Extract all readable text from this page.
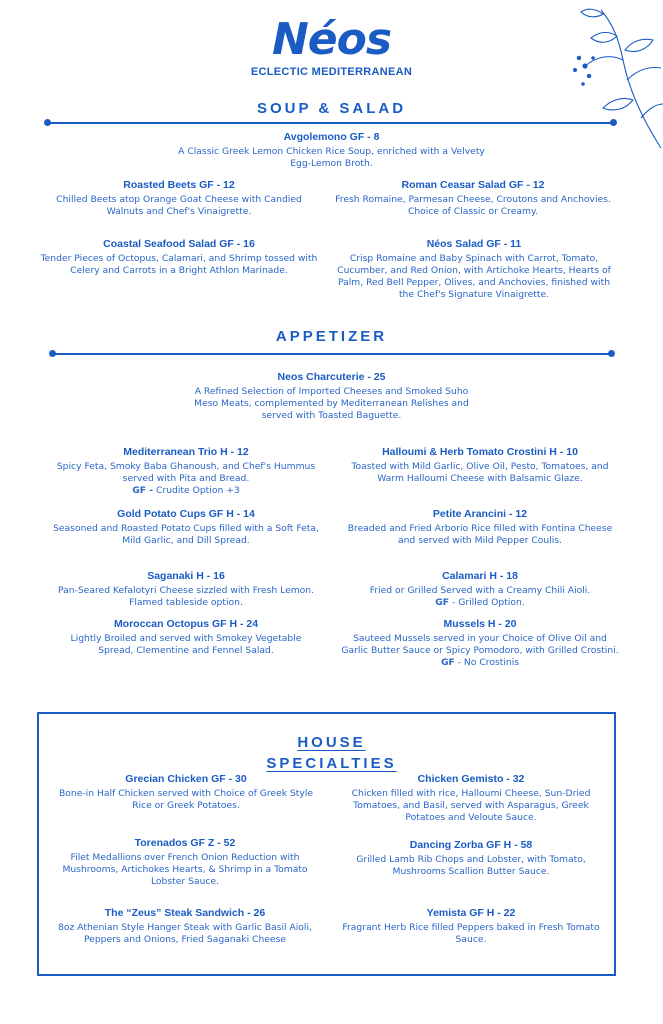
Néos
ECLECTIC MEDITERRANEAN
SOUP & SALAD
Avgolemono GF - 8
A Classic Greek Lemon Chicken Rice Soup, enriched with a Velvety Egg-Lemon Broth.
Roasted Beets GF - 12
Chilled Beets atop Orange Goat Cheese with Candied Walnuts and Chef's Vinaigrette.
Roman Ceasar Salad GF - 12
Fresh Romaine, Parmesan Cheese, Croutons and Anchovies. Choice of Classic or Creamy.
Coastal Seafood Salad GF - 16
Tender Pieces of Octopus, Calamari, and Shrimp tossed with Celery and Carrots in a Bright Athlon Marinade.
Néos Salad GF - 11
Crisp Romaine and Baby Spinach with Carrot, Tomato, Cucumber, and Red Onion, with Artichoke Hearts, Hearts of Palm, Red Bell Pepper, Olives, and Anchovies, finished with the Chef's Signature Vinaigrette.
APPETIZER
Neos Charcuterie - 25
A Refined Selection of Imported Cheeses and Smoked Suho Meso Meats, complemented by Mediterranean Relishes and served with Toasted Baguette.
Mediterranean Trio H - 12
Spicy Feta, Smoky Baba Ghanoush, and Chef's Hummus served with Pita and Bread.
GF - Crudite Option +3
Halloumi & Herb Tomato Crostini H - 10
Toasted with Mild Garlic, Olive Oil, Pesto, Tomatoes, and Warm Halloumi Cheese with Balsamic Glaze.
Gold Potato Cups GF H - 14
Seasoned and Roasted Potato Cups filled with a Soft Feta, Mild Garlic, and Dill Spread.
Petite Arancini - 12
Breaded and Fried Arborio Rice filled with Fontina Cheese and served with Mild Pepper Coulis.
Saganaki H - 16
Pan-Seared Kefalotyri Cheese sizzled with Fresh Lemon. Flamed tableside option.
Calamari H - 18
Fried or Grilled Served with a Creamy Chili Aioli.
GF - Grilled Option.
Moroccan Octopus GF H - 24
Lightly Broiled and served with Smokey Vegetable Spread, Clementine and Fennel Salad.
Mussels H - 20
Sauteed Mussels served in your Choice of Olive Oil and Garlic Butter Sauce or Spicy Pomodoro, with Grilled Crostini. GF - No Crostinis
HOUSE
SPECIALTIES
Grecian Chicken GF - 30
Bone-in Half Chicken served with Choice of Greek Style Rice or Greek Potatoes.
Chicken Gemisto - 32
Chicken filled with rice, Halloumi Cheese, Sun-Dried Tomatoes, and Basil, served with Asparagus, Greek Potatoes and Veloute Sauce.
Torenados GF Z - 52
Filet Medallions over French Onion Reduction with Mushrooms, Artichokes Hearts, & Shrimp in a Tomato Lobster Sauce.
Dancing Zorba GF H - 58
Grilled Lamb Rib Chops and Lobster, with Tomato, Mushrooms Scallion Butter Sauce.
The “Zeus” Steak Sandwich - 26
8oz Athenian Style Hanger Steak with Garlic Basil Aioli, Peppers and Onions, Fried Saganaki Cheese
Yemista GF H - 22
Fragrant Herb Rice filled Peppers baked in Fresh Tomato Sauce.
